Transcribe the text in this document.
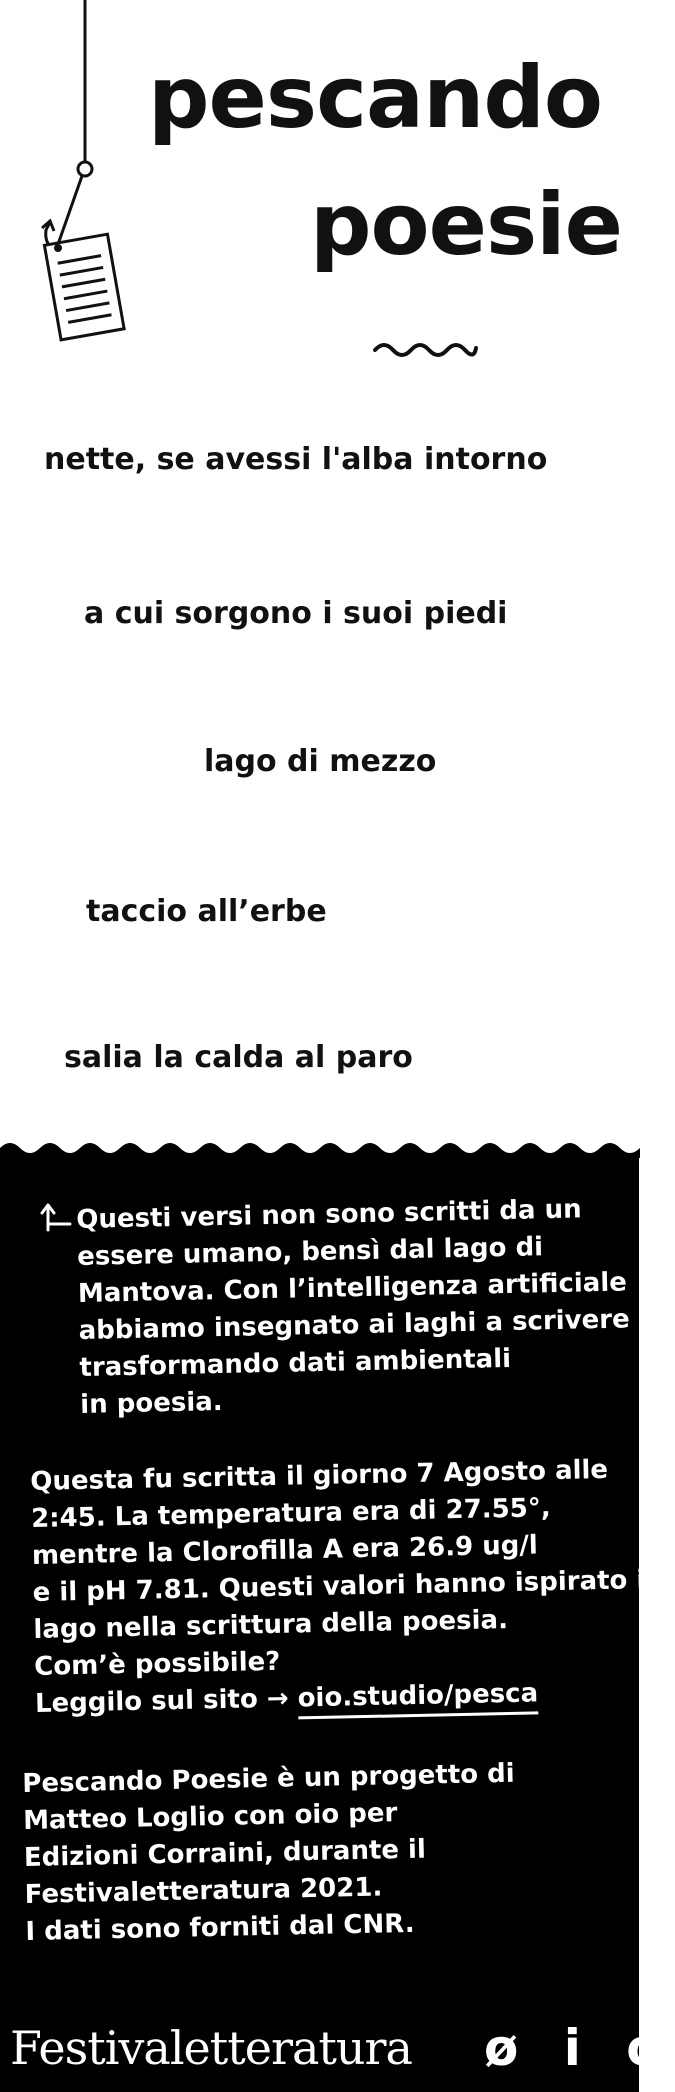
pescando
poesie
nette, se avessi l'alba intorno
a cui sorgono i suoi piedi
lago di mezzo
taccio all’erbe
salia la calda al paro
Questi versi non sono scritti da un
essere umano, bensì dal lago di
Mantova. Con l’intelligenza artificiale
abbiamo insegnato ai laghi a scrivere
trasformando dati ambientali
in poesia.
Questa fu scritta il giorno 7 Agosto alle
2:45. La temperatura era di 27.55°,
mentre la Clorofilla A era 26.9 ug/l
e il pH 7.81. Questi valori hanno ispirato il
lago nella scrittura della poesia.
Com’è possibile?
Leggilo sul sito → oio.studio/pesca
Pescando Poesie è un progetto di
Matteo Loglio con oio per
Edizioni Corraini, durante il
Festivaletteratura 2021.
I dati sono forniti dal CNR.
Festivaletteratura ø i o
